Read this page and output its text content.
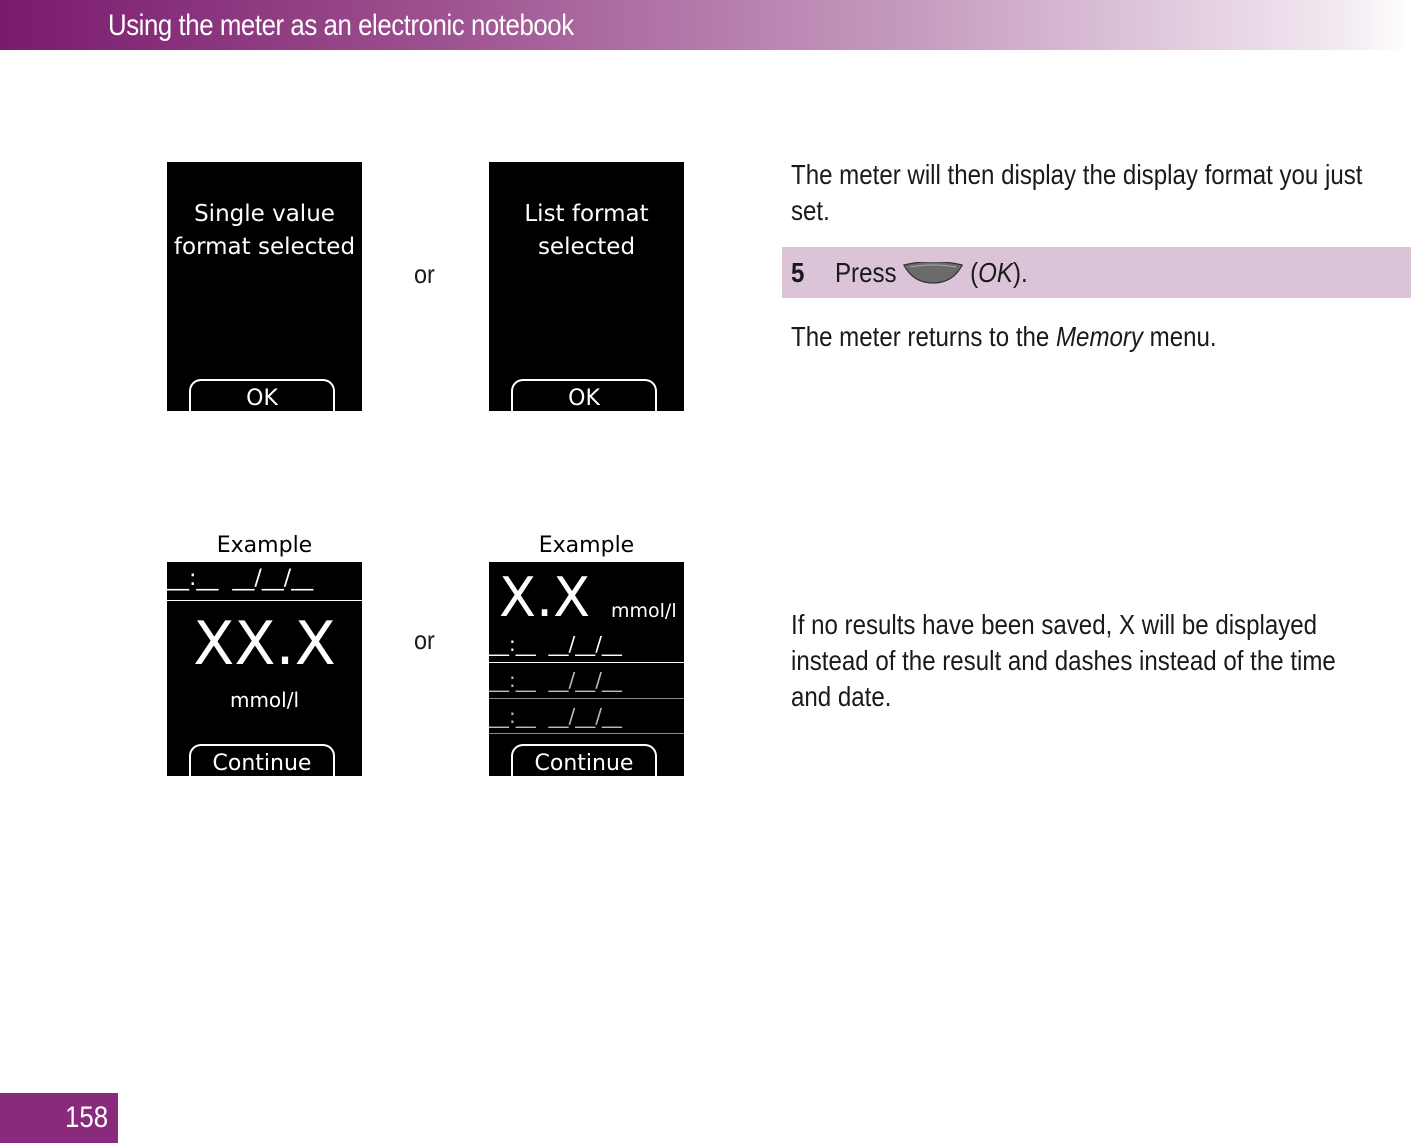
Using the meter as an electronic notebook
Single value
format selected
OK
or
List format
selected
OK
Example
__:__  __/__/__
XX.X
mmol/l
Continue
or
Example
X.X mmol/l
__:__  __/__/__
__:__  __/__/__
__:__  __/__/__
Continue
The meter will then display the display format you just set.
5 Press	(OK).
The meter returns to the Memory menu.
If no results have been saved, X will be displayed instead of the result and dashes instead of the time and date.
158
